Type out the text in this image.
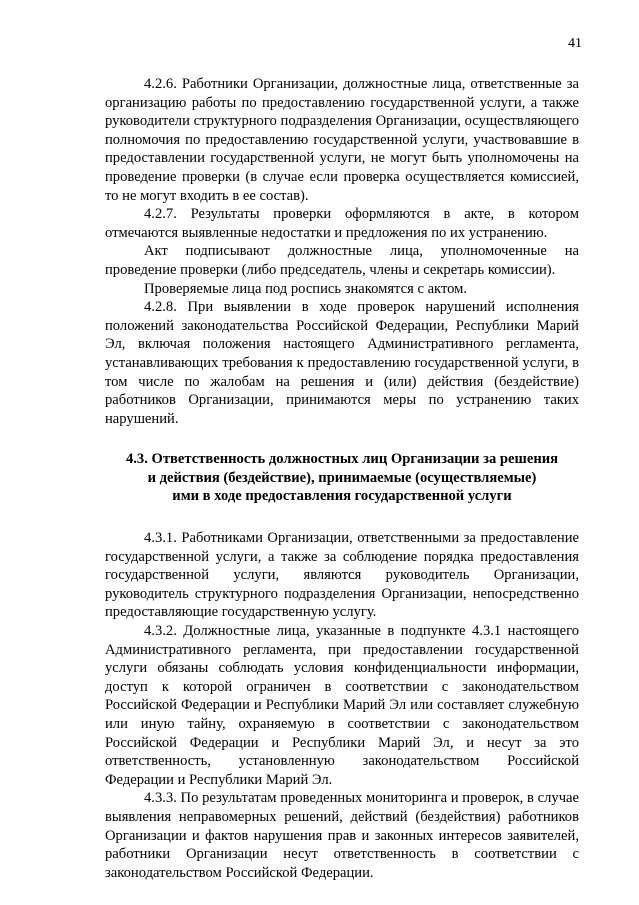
41

4.2.6. Работники Организации, должностные лица, ответственные за организацию работы по предоставлению государственной услуги, а также руководители структурного подразделения Организации, осуществляющего полномочия по предоставлению государственной услуги, участвовавшие в предоставлении государственной услуги, не могут быть уполномочены на проведение проверки (в случае если проверка осуществляется комиссией, то не могут входить в ее состав).

4.2.7. Результаты проверки оформляются в акте, в котором отмечаются выявленные недостатки и предложения по их устранению.

Акт подписывают должностные лица, уполномоченные на проведение проверки (либо председатель, члены и секретарь комиссии).

Проверяемые лица под роспись знакомятся с актом.

4.2.8. При выявлении в ходе проверок нарушений исполнения положений законодательства Российской Федерации, Республики Марий Эл, включая положения настоящего Административного регламента, устанавливающих требования к предоставлению государственной услуги, в том числе по жалобам на решения и (или) действия (бездействие) работников Организации, принимаются меры по устранению таких нарушений.

4.3. Ответственность должностных лиц Организации за решения
и действия (бездействие), принимаемые (осуществляемые)
ими в ходе предоставления государственной услуги

4.3.1. Работниками Организации, ответственными за предоставление государственной услуги, а также за соблюдение порядка предоставления государственной услуги, являются руководитель Организации, руководитель структурного подразделения Организации, непосредственно предоставляющие государственную услугу.

4.3.2. Должностные лица, указанные в подпункте 4.3.1 настоящего Административного регламента, при предоставлении государственной услуги обязаны соблюдать условия конфиденциальности информации, доступ к которой ограничен в соответствии с законодательством Российской Федерации и Республики Марий Эл или составляет служебную или иную тайну, охраняемую в соответствии с законодательством Российской Федерации и Республики Марий Эл, и несут за это ответственность, установленную законодательством Российской Федерации и Республики Марий Эл.

4.3.3. По результатам проведенных мониторинга и проверок, в случае выявления неправомерных решений, действий (бездействия) работников Организации и фактов нарушения прав и законных интересов заявителей, работники Организации несут ответственность в соответствии с законодательством Российской Федерации.
